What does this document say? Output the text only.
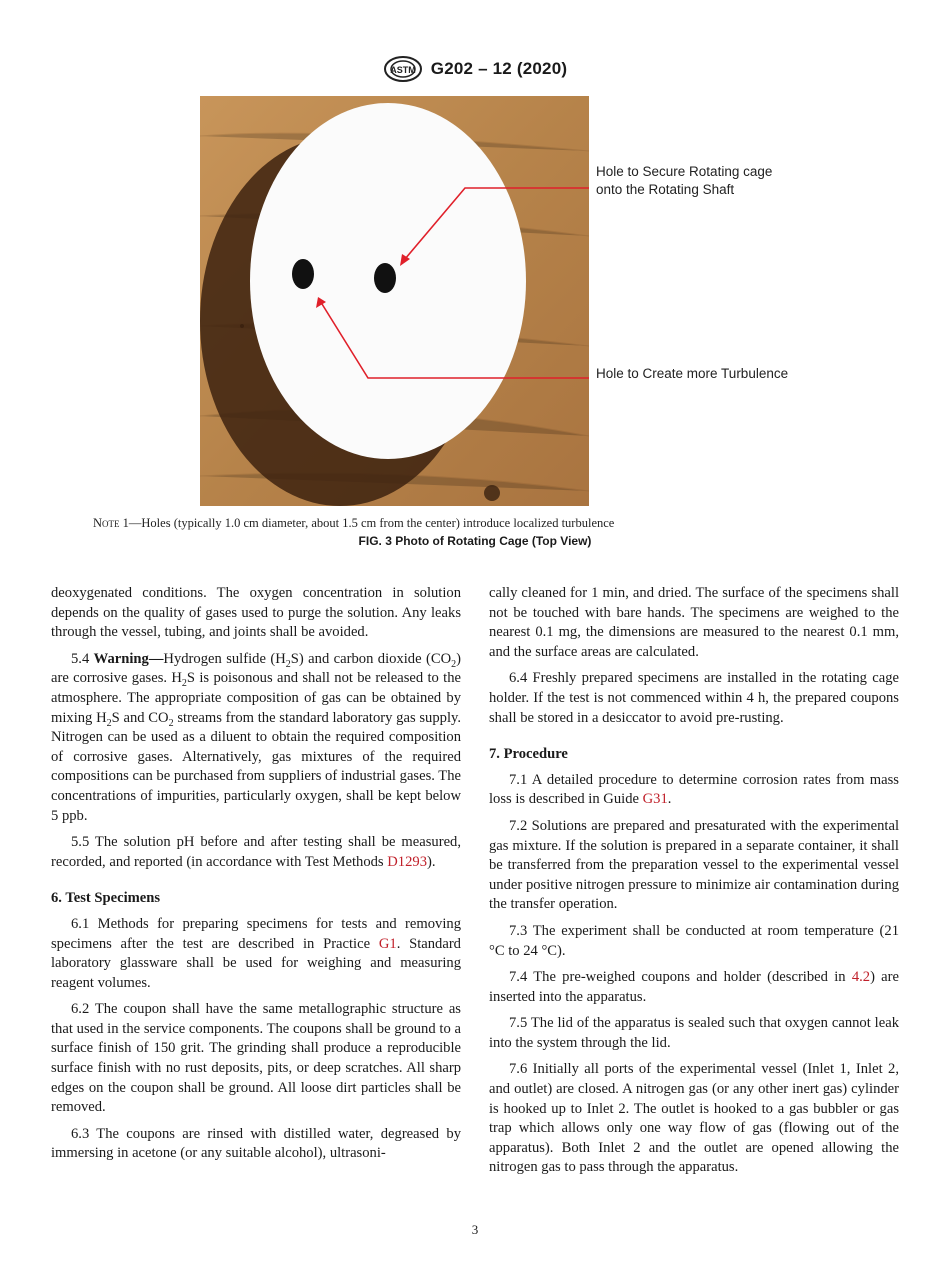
ASTM G202 – 12 (2020)
Hole to Secure Rotating cage onto the Rotating Shaft
Hole to Create more Turbulence
Note 1—Holes (typically 1.0 cm diameter, about 1.5 cm from the center) introduce localized turbulence
FIG. 3 Photo of Rotating Cage (Top View)

deoxygenated conditions. The oxygen concentration in solution depends on the quality of gases used to purge the solution. Any leaks through the vessel, tubing, and joints shall be avoided.

5.4 Warning—Hydrogen sulfide $(H_2S)$ and carbon dioxide $(CO_2)$ are corrosive gases. $H_2S$ is poisonous and shall not be released to the atmosphere. The appropriate composition of gas can be obtained by mixing $H_2S$ and $CO_2$ streams from the standard laboratory gas supply. Nitrogen can be used as a diluent to obtain the required composition of corrosive gases. Alternatively, gas mixtures of the required compositions can be purchased from suppliers of industrial gases. The concentrations of impurities, particularly oxygen, shall be kept below 5 ppb.

5.5 The solution pH before and after testing shall be measured, recorded, and reported (in accordance with Test Methods D1293).

6. Test Specimens

6.1 Methods for preparing specimens for tests and removing specimens after the test are described in Practice G1. Standard laboratory glassware shall be used for weighing and measuring reagent volumes.

6.2 The coupon shall have the same metallographic structure as that used in the service components. The coupons shall be ground to a surface finish of 150 grit. The grinding shall produce a reproducible surface finish with no rust deposits, pits, or deep scratches. All sharp edges on the coupon shall be ground. All loose dirt particles shall be removed.

6.3 The coupons are rinsed with distilled water, degreased by immersing in acetone (or any suitable alcohol), ultrasoni-

cally cleaned for 1 min, and dried. The surface of the specimens shall not be touched with bare hands. The specimens are weighed to the nearest 0.1 mg, the dimensions are measured to the nearest 0.1 mm, and the surface areas are calculated.

6.4 Freshly prepared specimens are installed in the rotating cage holder. If the test is not commenced within 4 h, the prepared coupons shall be stored in a desiccator to avoid pre-rusting.

7. Procedure

7.1 A detailed procedure to determine corrosion rates from mass loss is described in Guide G31.

7.2 Solutions are prepared and presaturated with the experimental gas mixture. If the solution is prepared in a separate container, it shall be transferred from the preparation vessel to the experimental vessel under positive nitrogen pressure to minimize air contamination during the transfer operation.

7.3 The experiment shall be conducted at room temperature (21 °C to 24 °C).

7.4 The pre-weighed coupons and holder (described in 4.2) are inserted into the apparatus.

7.5 The lid of the apparatus is sealed such that oxygen cannot leak into the system through the lid.

7.6 Initially all ports of the experimental vessel (Inlet 1, Inlet 2, and outlet) are closed. A nitrogen gas (or any other inert gas) cylinder is hooked up to Inlet 2. The outlet is hooked to a gas bubbler or gas trap which allows only one way flow of gas (flowing out of the apparatus). Both Inlet 2 and the outlet are opened allowing the nitrogen gas to pass through the apparatus.

3
